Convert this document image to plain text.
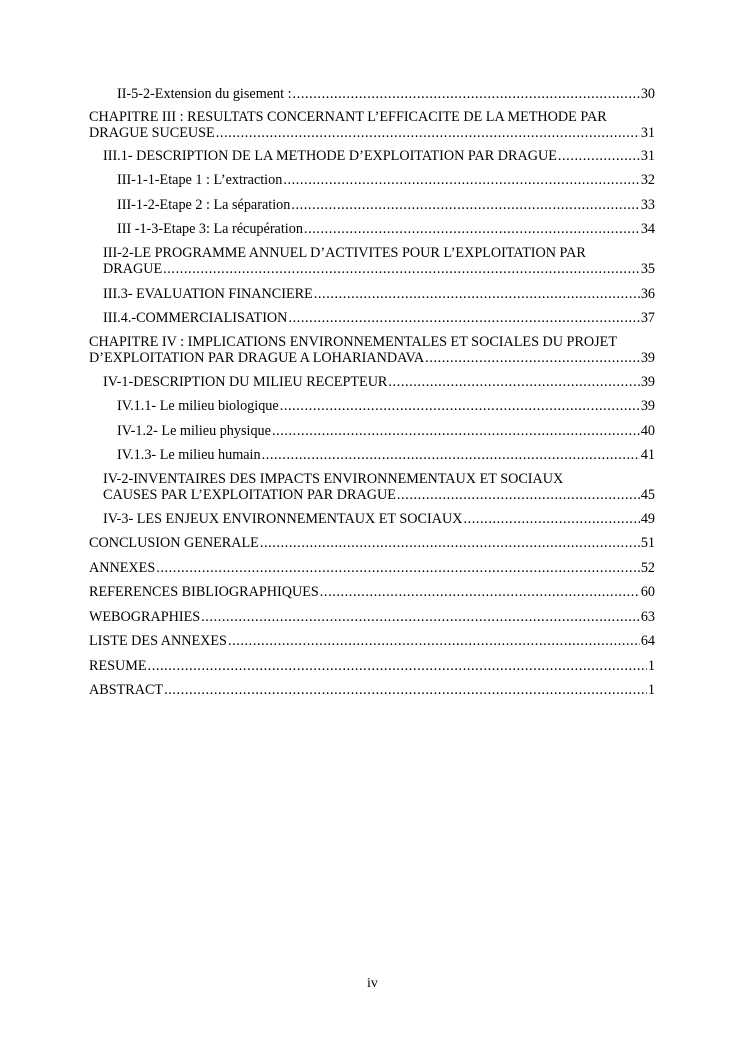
II-5-2-Extension du gisement : .....	30
CHAPITRE III : RESULTATS CONCERNANT L’EFFICACITE DE LA METHODE PAR
DRAGUE SUCEUSE .....	31
III.1- DESCRIPTION DE LA METHODE D’EXPLOITATION PAR DRAGUE .....	31
III-1-1-Etape 1 : L’extraction .....	32
III-1-2-Etape 2 : La séparation .....	33
III -1-3-Etape 3: La récupération .....	34
III-2-LE PROGRAMME ANNUEL D’ACTIVITES POUR L’EXPLOITATION PAR
DRAGUE .....	35
III.3- EVALUATION FINANCIERE .....	36
III.4.-COMMERCIALISATION .....	37
CHAPITRE IV : IMPLICATIONS ENVIRONNEMENTALES ET SOCIALES DU PROJET
D’EXPLOITATION PAR DRAGUE A LOHARIANDAVA .....	39
IV-1-DESCRIPTION DU MILIEU RECEPTEUR .....	39
IV.1.1- Le milieu biologique .....	39
IV-1.2- Le milieu physique .....	40
IV.1.3- Le milieu humain .....	41
IV-2-INVENTAIRES DES IMPACTS ENVIRONNEMENTAUX ET SOCIAUX
CAUSES PAR L’EXPLOITATION PAR DRAGUE .....	45
IV-3- LES ENJEUX ENVIRONNEMENTAUX ET SOCIAUX .....	49
CONCLUSION GENERALE .....	51
ANNEXES .....	52
REFERENCES BIBLIOGRAPHIQUES .....	60
WEBOGRAPHIES .....	63
LISTE DES ANNEXES .....	64
RESUME .....	1
ABSTRACT .....	1
iv
